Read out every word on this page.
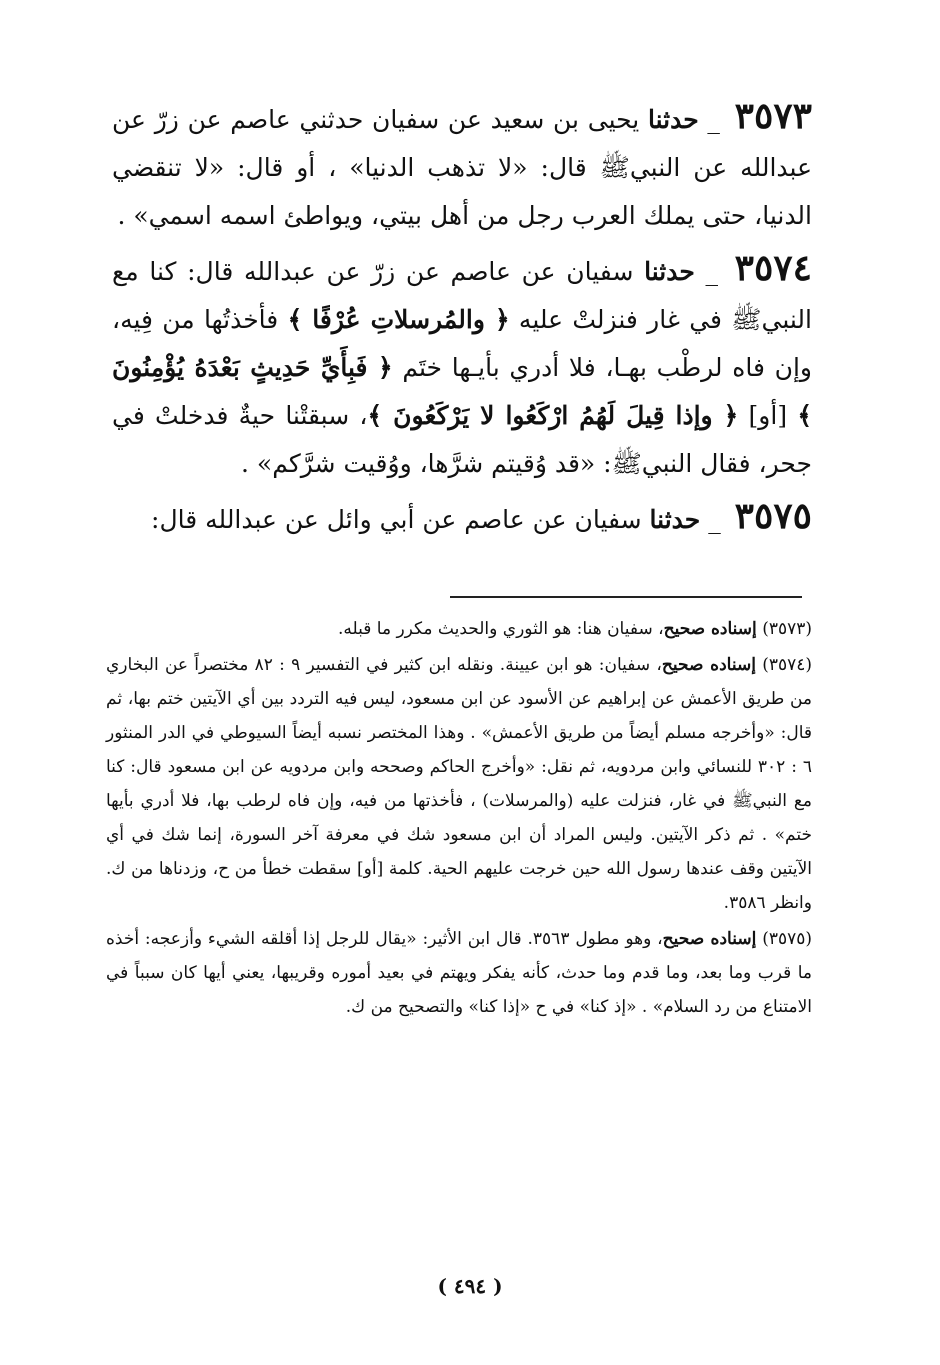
٣٥٧٣ _ حدثنا يحيى بن سعيد عن سفيان حدثني عاصم عن زرّ عن عبدالله عن النبيﷺ قال: «لا تذهب الدنيا» ، أو قال: «لا تنقضي الدنيا، حتى يملك العرب رجل من أهل بيتي، ويواطئ اسمه اسمي» .

٣٥٧٤ _ حدثنا سفيان عن عاصم عن زرّ عن عبدالله قال: كنا مع النبيﷺ في غار فنزلتْ عليه ﴿ والمُرسلاتِ عُرْفًا ﴾ فأخذتُها من فِيه، وإن فاه لرطْب بهـا، فلا أدري بأيـها ختَم ﴿ فَبِأَيِّ حَدِيثٍ بَعْدَهُ يُؤْمِنُونَ ﴾ [أو] ﴿ وإذا قِيلَ لَهُمُ ارْكَعُوا لا يَرْكَعُونَ ﴾، سبقتْنا حيةٌ فدخلتْ في جحر، فقال النبيﷺ: «قد وُقيتم شرَّها، ووُقيت شرَّكم» .

٣٥٧٥ _ حدثنا سفيان عن عاصم عن أبي وائل عن عبدالله قال:

(٣٥٧٣) إسناده صحيح، سفيان هنا: هو الثوري والحديث مكرر ما قبله.

(٣٥٧٤) إسناده صحيح، سفيان: هو ابن عيينة. ونقله ابن كثير في التفسير ٩ : ٨٢ مختصراً عن البخاري من طريق الأعمش عن إبراهيم عن الأسود عن ابن مسعود، ليس فيه التردد بين أي الآيتين ختم بها، ثم قال: «وأخرجه مسلم أيضاً من طريق الأعمش» . وهذا المختصر نسبه أيضاً السيوطي في الدر المنثور ٦ : ٣٠٢ للنسائي وابن مردويه، ثم نقل: «وأخرج الحاكم وصححه وابن مردويه عن ابن مسعود قال: كنا مع النبيﷺ في غار، فنزلت عليه (والمرسلات) ، فأخذتها من فيه، وإن فاه لرطب بها، فلا أدري بأيها ختم» . ثم ذكر الآيتين. وليس المراد أن ابن مسعود شك في معرفة آخر السورة، إنما شك في أي الآيتين وقف عندها رسول الله حين خرجت عليهم الحية. كلمة [أو] سقطت خطأ من ح، وزدناها من ك. وانظر ٣٥٨٦.

(٣٥٧٥) إسناده صحيح، وهو مطول ٣٥٦٣. قال ابن الأثير: «يقال للرجل إذا أقلقه الشيء وأزعجه: أخذه ما قرب وما بعد، وما قدم وما حدث، كأنه يفكر ويهتم في بعيد أموره وقريبها، يعني أيها كان سبباً في الامتناع من رد السلام» . «إذ كنا» في ح «إذا كنا» والتصحيح من ك.

( ٤٩٤ )
